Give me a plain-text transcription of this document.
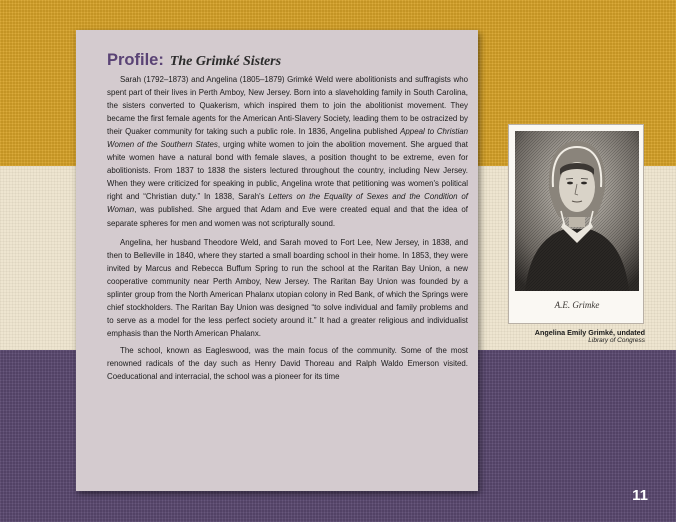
Profile: The Grimké Sisters

Sarah (1792–1873) and Angelina (1805–1879) Grimké Weld were abolitionists and suffragists who spent part of their lives in Perth Amboy, New Jersey. Born into a slaveholding family in South Carolina, the sisters converted to Quakerism, which inspired them to join the abolitionist movement. They became the first female agents for the American Anti-Slavery Society, leading them to be ostracized by their Quaker community for taking such a public role. In 1836, Angelina published Appeal to Christian Women of the Southern States, urging white women to join the abolition movement. She argued that white women have a natural bond with female slaves, a position thought to be extreme, even for abolitionists. From 1837 to 1838 the sisters lectured throughout the country, including New Jersey. When they were criticized for speaking in public, Angelina wrote that petitioning was women's political right and “Christian duty.” In 1838, Sarah's Letters on the Equality of Sexes and the Condition of Woman, was published. She argued that Adam and Eve were created equal and that the idea of separate spheres for men and women was not scripturally sound.

Angelina, her husband Theodore Weld, and Sarah moved to Fort Lee, New Jersey, in 1838, and then to Belleville in 1840, where they started a small boarding school in their home. In 1853, they were invited by Marcus and Rebecca Buffum Spring to run the school at the Raritan Bay Union, a new cooperative community near Perth Amboy, New Jersey. The Raritan Bay Union was founded by a splinter group from the North American Phalanx utopian colony in Red Bank, of which the Springs were chief stockholders. The Raritan Bay Union was designed “to solve individual and family problems and to serve as a model for the less perfect society around it.” It had a greater religious and individualist emphasis than the North American Phalanx.

The school, known as Eagleswood, was the main focus of the community. Some of the most renowned radicals of the day such as Henry David Thoreau and Ralph Waldo Emerson visited. Coeducational and interracial, the school was a pioneer for its time

A.E. Grimke
Angelina Emily Grimké, undated
Library of Congress
11
